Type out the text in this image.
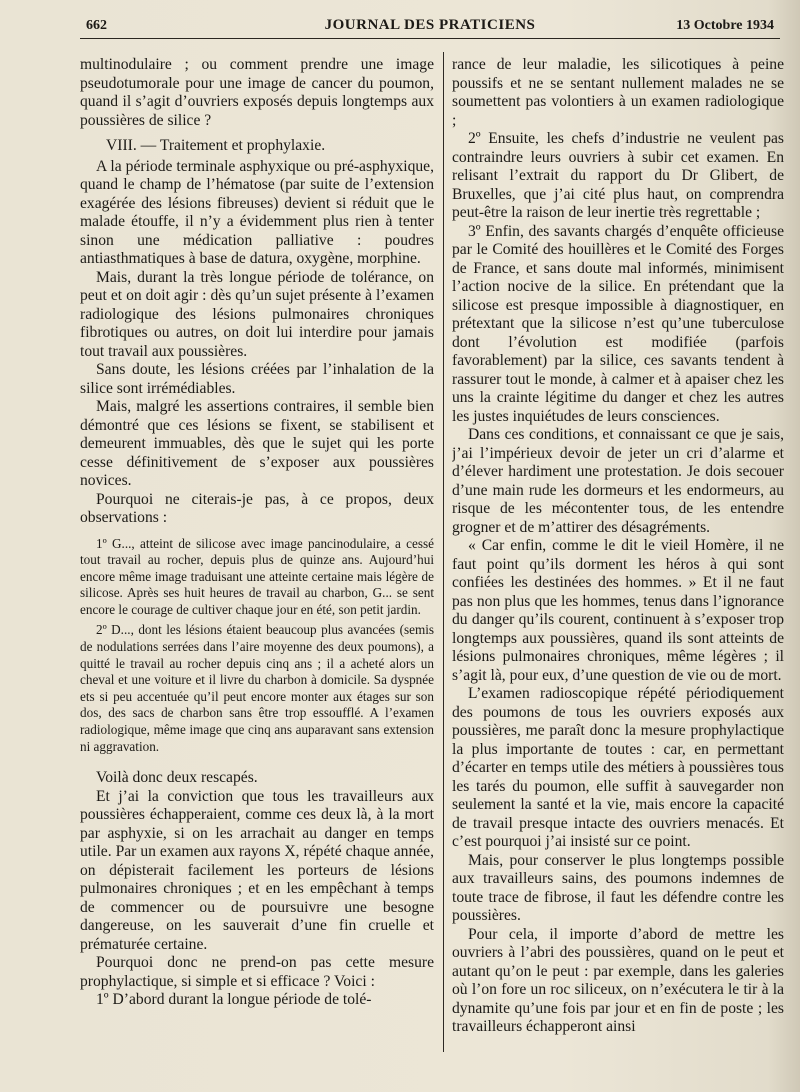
662	JOURNAL DES PRATICIENS	13 Octobre 1934

multinodulaire ; ou comment prendre une image pseudotumorale pour une image de cancer du poumon, quand il s’agit d’ouvriers exposés depuis longtemps aux poussières de silice ?

VIII. — Traitement et prophylaxie.

A la période terminale asphyxique ou pré-asphyxique, quand le champ de l’hématose (par suite de l’extension exagérée des lésions fibreuses) devient si réduit que le malade étouffe, il n’y a évidemment plus rien à tenter sinon une médication palliative : poudres antiasthmatiques à base de datura, oxygène, morphine.

Mais, durant la très longue période de tolérance, on peut et on doit agir : dès qu’un sujet présente à l’examen radiologique des lésions pulmonaires chroniques fibrotiques ou autres, on doit lui interdire pour jamais tout travail aux poussières.

Sans doute, les lésions créées par l’inhalation de la silice sont irrémédiables.

Mais, malgré les assertions contraires, il semble bien démontré que ces lésions se fixent, se stabilisent et demeurent immuables, dès que le sujet qui les porte cesse définitivement de s’exposer aux poussières novices.

Pourquoi ne citerais-je pas, à ce propos, deux observations :

1º G..., atteint de silicose avec image pancinodulaire, a cessé tout travail au rocher, depuis plus de quinze ans. Aujourd’hui encore même image traduisant une atteinte certaine mais légère de silicose. Après ses huit heures de travail au charbon, G... se sent encore le courage de cultiver chaque jour en été, son petit jardin.

2º D..., dont les lésions étaient beaucoup plus avancées (semis de nodulations serrées dans l’aire moyenne des deux poumons), a quitté le travail au rocher depuis cinq ans ; il a acheté alors un cheval et une voiture et il livre du charbon à domicile. Sa dyspnée ets si peu accentuée qu’il peut encore monter aux étages sur son dos, des sacs de charbon sans être trop essoufflé. A l’examen radiologique, même image que cinq ans auparavant sans extension ni aggravation.

Voilà donc deux rescapés.

Et j’ai la conviction que tous les travailleurs aux poussières échapperaient, comme ces deux là, à la mort par asphyxie, si on les arrachait au danger en temps utile. Par un examen aux rayons X, répété chaque année, on dépisterait facilement les porteurs de lésions pulmonaires chroniques ; et en les empêchant à temps de commencer ou de poursuivre une besogne dangereuse, on les sauverait d’une fin cruelle et prématurée certaine.

Pourquoi donc ne prend-on pas cette mesure prophylactique, si simple et si efficace ? Voici :

1º D’abord durant la longue période de tolé-

rance de leur maladie, les silicotiques à peine poussifs et ne se sentant nullement malades ne se soumettent pas volontiers à un examen radiologique ;

2º Ensuite, les chefs d’industrie ne veulent pas contraindre leurs ouvriers à subir cet examen. En relisant l’extrait du rapport du Dr Glibert, de Bruxelles, que j’ai cité plus haut, on comprendra peut-être la raison de leur inertie très regrettable ;

3º Enfin, des savants chargés d’enquête officieuse par le Comité des houillères et le Comité des Forges de France, et sans doute mal informés, minimisent l’action nocive de la silice. En prétendant que la silicose est presque impossible à diagnostiquer, en prétextant que la silicose n’est qu’une tuberculose dont l’évolution est modifiée (parfois favorablement) par la silice, ces savants tendent à rassurer tout le monde, à calmer et à apaiser chez les uns la crainte légitime du danger et chez les autres les justes inquiétudes de leurs consciences.

Dans ces conditions, et connaissant ce que je sais, j’ai l’impérieux devoir de jeter un cri d’alarme et d’élever hardiment une protestation. Je dois secouer d’une main rude les dormeurs et les endormeurs, au risque de les mécontenter tous, de les entendre grogner et de m’attirer des désagréments.

« Car enfin, comme le dit le vieil Homère, il ne faut point qu’ils dorment les héros à qui sont confiées les destinées des hommes. » Et il ne faut pas non plus que les hommes, tenus dans l’ignorance du danger qu’ils courent, continuent à s’exposer trop longtemps aux poussières, quand ils sont atteints de lésions pulmonaires chroniques, même légères ; il s’agit là, pour eux, d’une question de vie ou de mort.

L’examen radioscopique répété périodiquement des poumons de tous les ouvriers exposés aux poussières, me paraît donc la mesure prophylactique la plus importante de toutes : car, en permettant d’écarter en temps utile des métiers à poussières tous les tarés du poumon, elle suffit à sauvegarder non seulement la santé et la vie, mais encore la capacité de travail presque intacte des ouvriers menacés. Et c’est pourquoi j’ai insisté sur ce point.

Mais, pour conserver le plus longtemps possible aux travailleurs sains, des poumons indemnes de toute trace de fibrose, il faut les défendre contre les poussières.

Pour cela, il importe d’abord de mettre les ouvriers à l’abri des poussières, quand on le peut et autant qu’on le peut : par exemple, dans les galeries où l’on fore un roc siliceux, on n’exécutera le tir à la dynamite qu’une fois par jour et en fin de poste ; les travailleurs échapperont ainsi
